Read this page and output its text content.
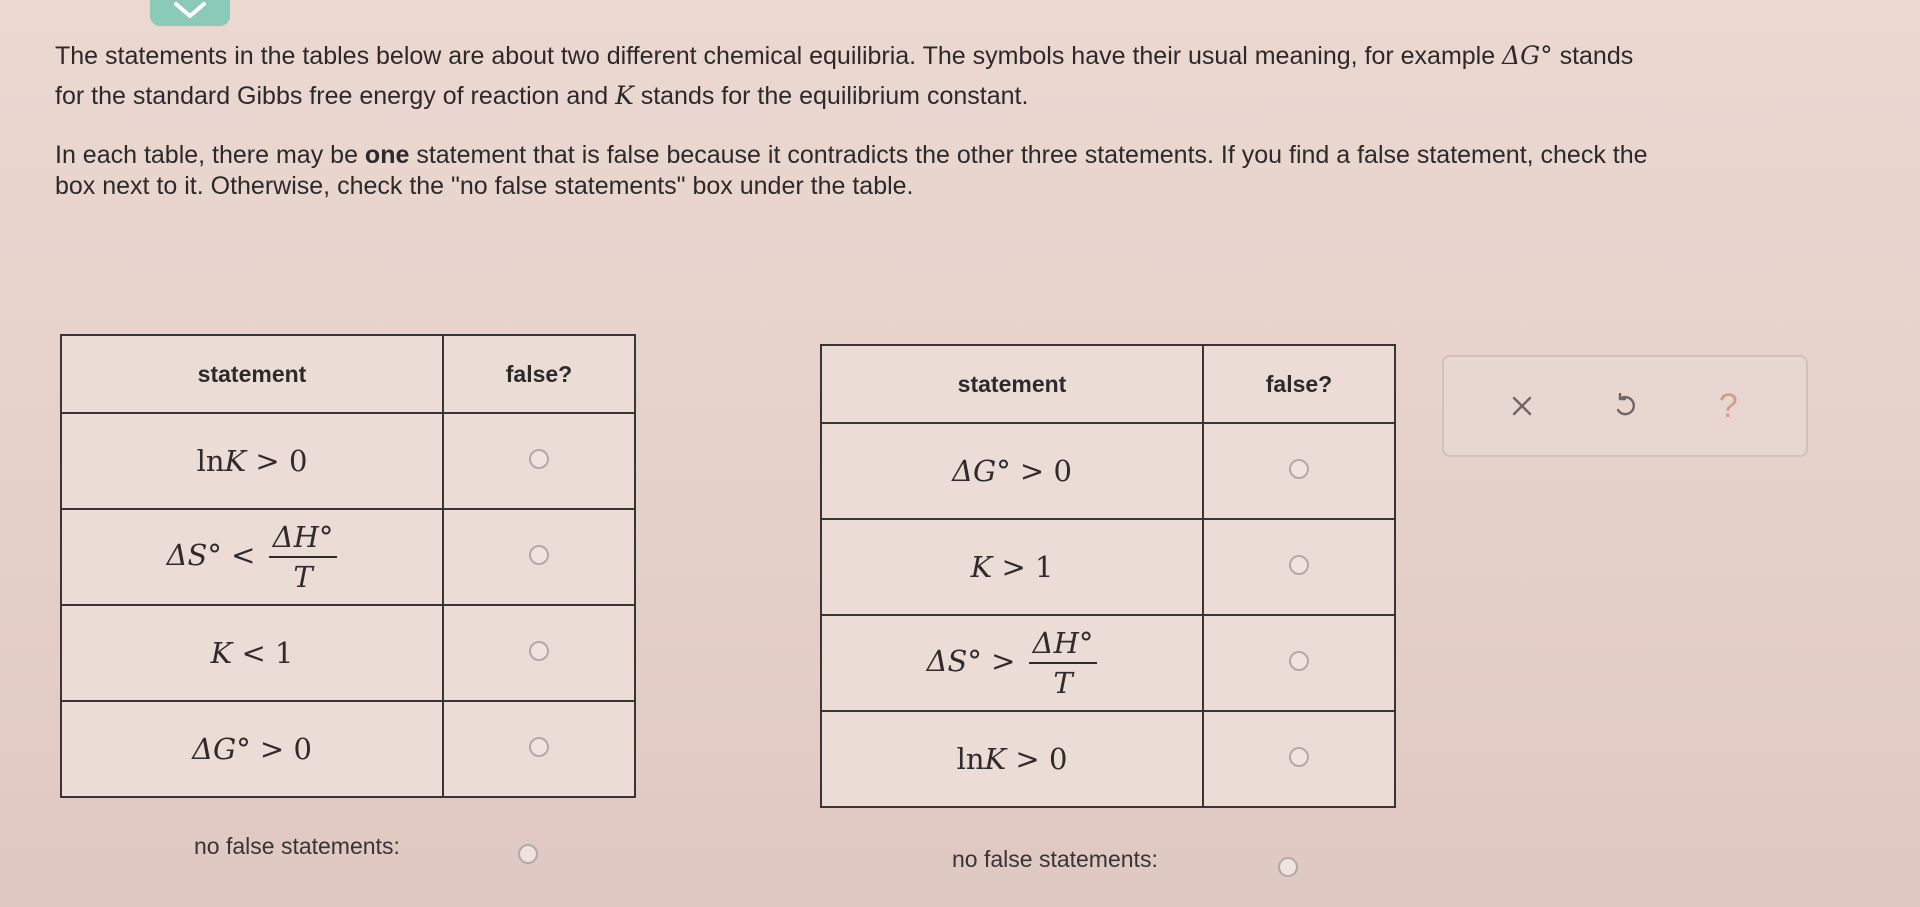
The statements in the tables below are about two different chemical equilibria. The symbols have their usual meaning, for example ΔG° stands
for the standard Gibbs free energy of reaction and K stands for the equilibrium constant.

In each table, there may be one statement that is false because it contradicts the other three statements. If you find a false statement, check the
box next to it. Otherwise, check the "no false statements" box under the table.

statement	false?
lnK > 0	
$\Delta S^\circ < \frac{\Delta H^\circ}{T}$

K < 1	
ΔG° > 0	
no false statements:
statement	false?
ΔG° > 0	
K > 1	
$\Delta S^\circ > \frac{\Delta H^\circ}{T}$

lnK > 0	
no false statements:
?
